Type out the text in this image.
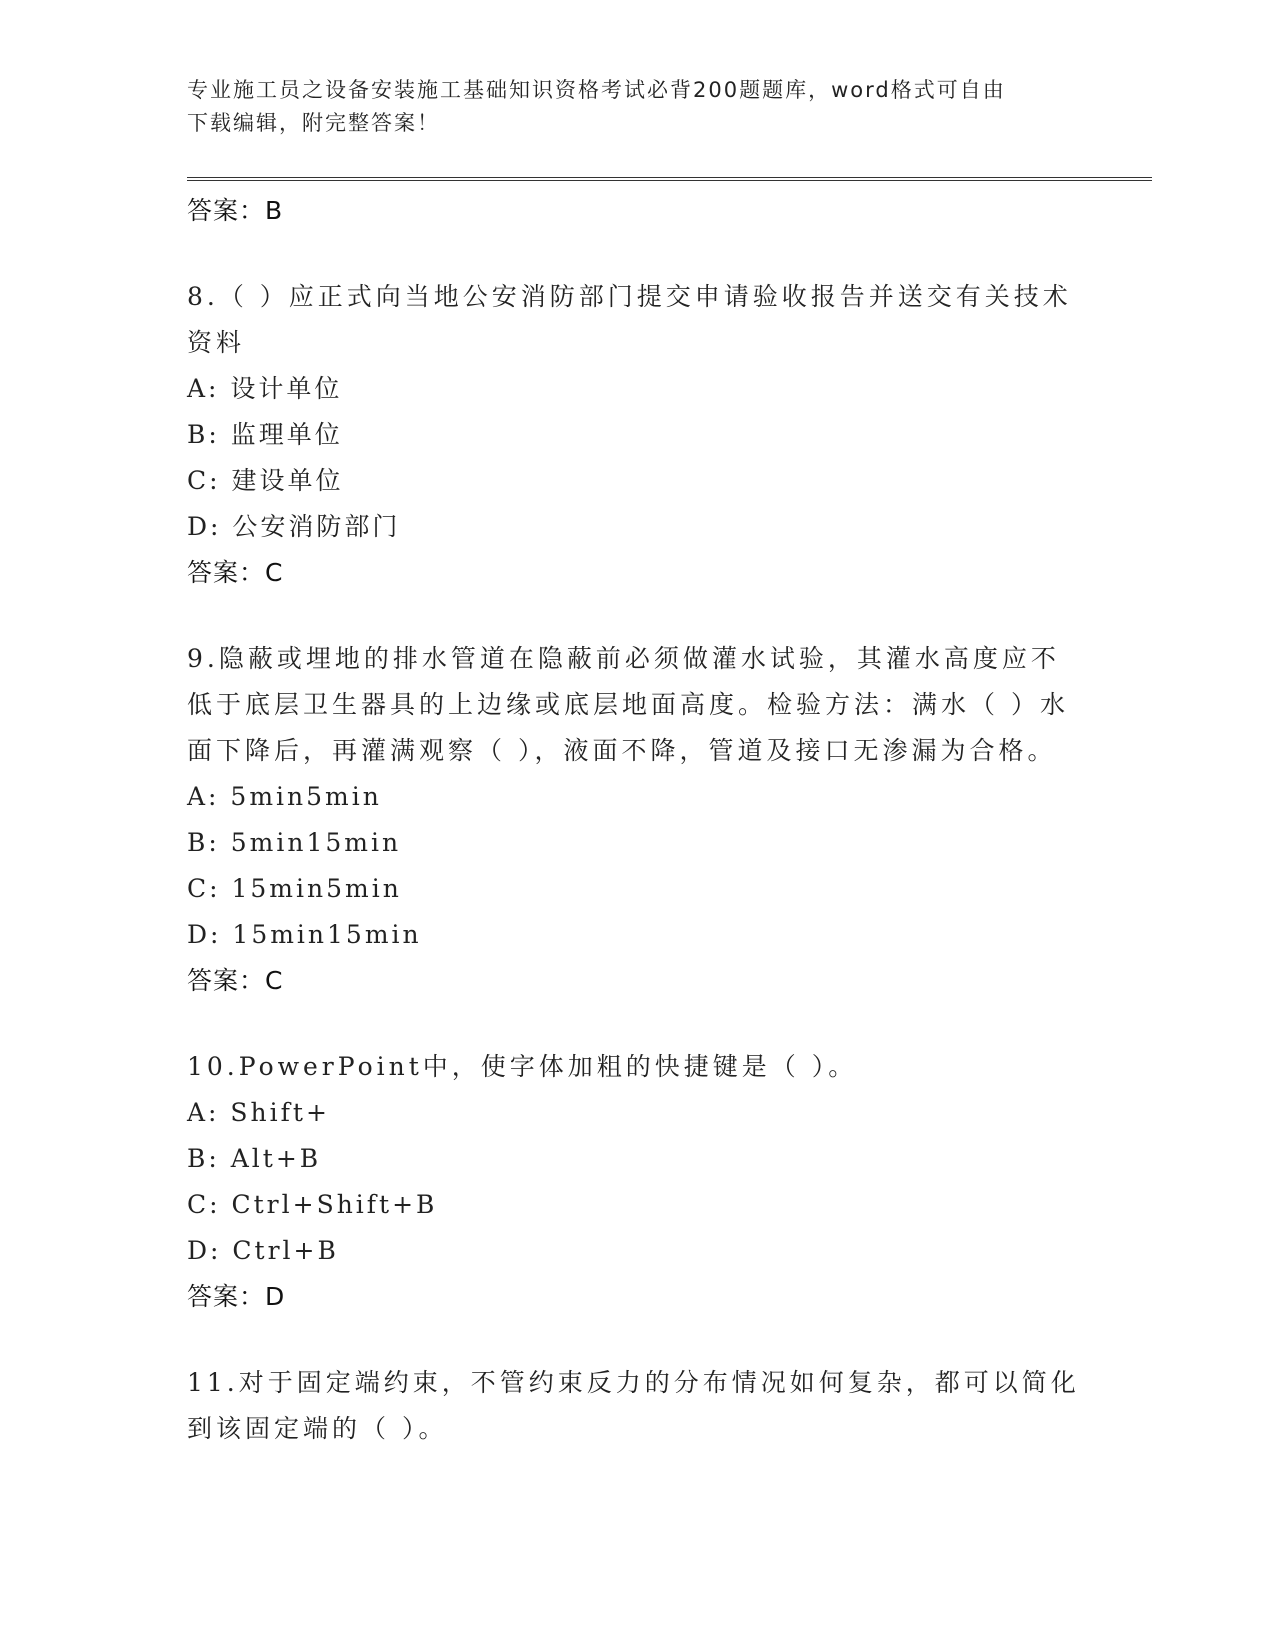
专业施工员之设备安装施工基础知识资格考试必背200题题库，word格式可自由
下载编辑，附完整答案！
答案：B
8.（ ）应正式向当地公安消防部门提交申请验收报告并送交有关技术
资料
A: 设计单位
B: 监理单位
C: 建设单位
D: 公安消防部门
答案：C
9.隐蔽或埋地的排水管道在隐蔽前必须做灌水试验，其灌水高度应不
低于底层卫生器具的上边缘或底层地面高度。检验方法：满水（ ）水
面下降后，再灌满观察（ ），液面不降，管道及接口无渗漏为合格。
A: 5min5min
B: 5min15min
C: 15min5min
D: 15min15min
答案：C
10.PowerPoint中，使字体加粗的快捷键是（ ）。
A: Shift+
B: Alt+B
C: Ctrl+Shift+B
D: Ctrl+B
答案：D
11.对于固定端约束，不管约束反力的分布情况如何复杂，都可以简化
到该固定端的（ ）。
